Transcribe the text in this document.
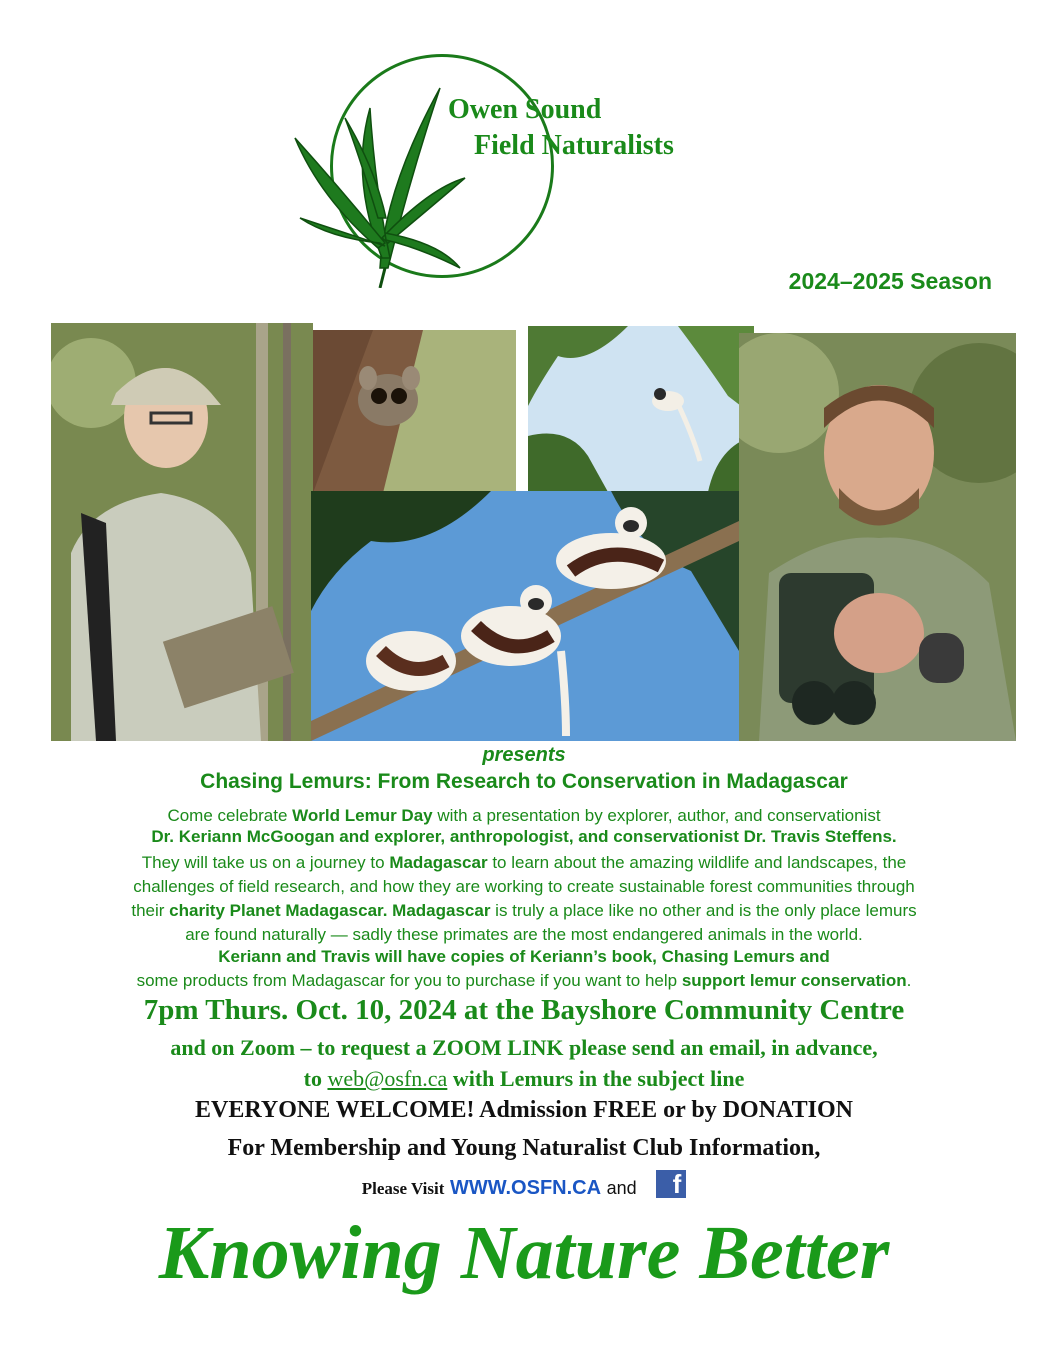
Owen Sound
Field Naturalists
2024–2025 Season
presents
Chasing Lemurs: From Research to Conservation in Madagascar
Come celebrate World Lemur Day with a presentation by explorer, author, and conservationist
Dr. Keriann McGoogan and explorer, anthropologist, and conservationist Dr. Travis Steffens.
They will take us on a journey to Madagascar to learn about the amazing wildlife and landscapes, the
challenges of field research, and how they are working to create sustainable forest communities through
their charity Planet Madagascar. Madagascar is truly a place like no other and is the only place lemurs
are found naturally — sadly these primates are the most endangered animals in the world.
Keriann and Travis will have copies of Keriann’s book, Chasing Lemurs and
some products from Madagascar for you to purchase if you want to help support lemur conservation.
7pm Thurs. Oct. 10, 2024 at the Bayshore Community Centre
and on Zoom – to request a ZOOM LINK please send an email, in advance,
to web@osfn.ca with Lemurs in the subject line
EVERYONE WELCOME! Admission FREE or by DONATION
For Membership and Young Naturalist Club Information,
Please Visit WWW.OSFN.CA and f
Knowing Nature Better
